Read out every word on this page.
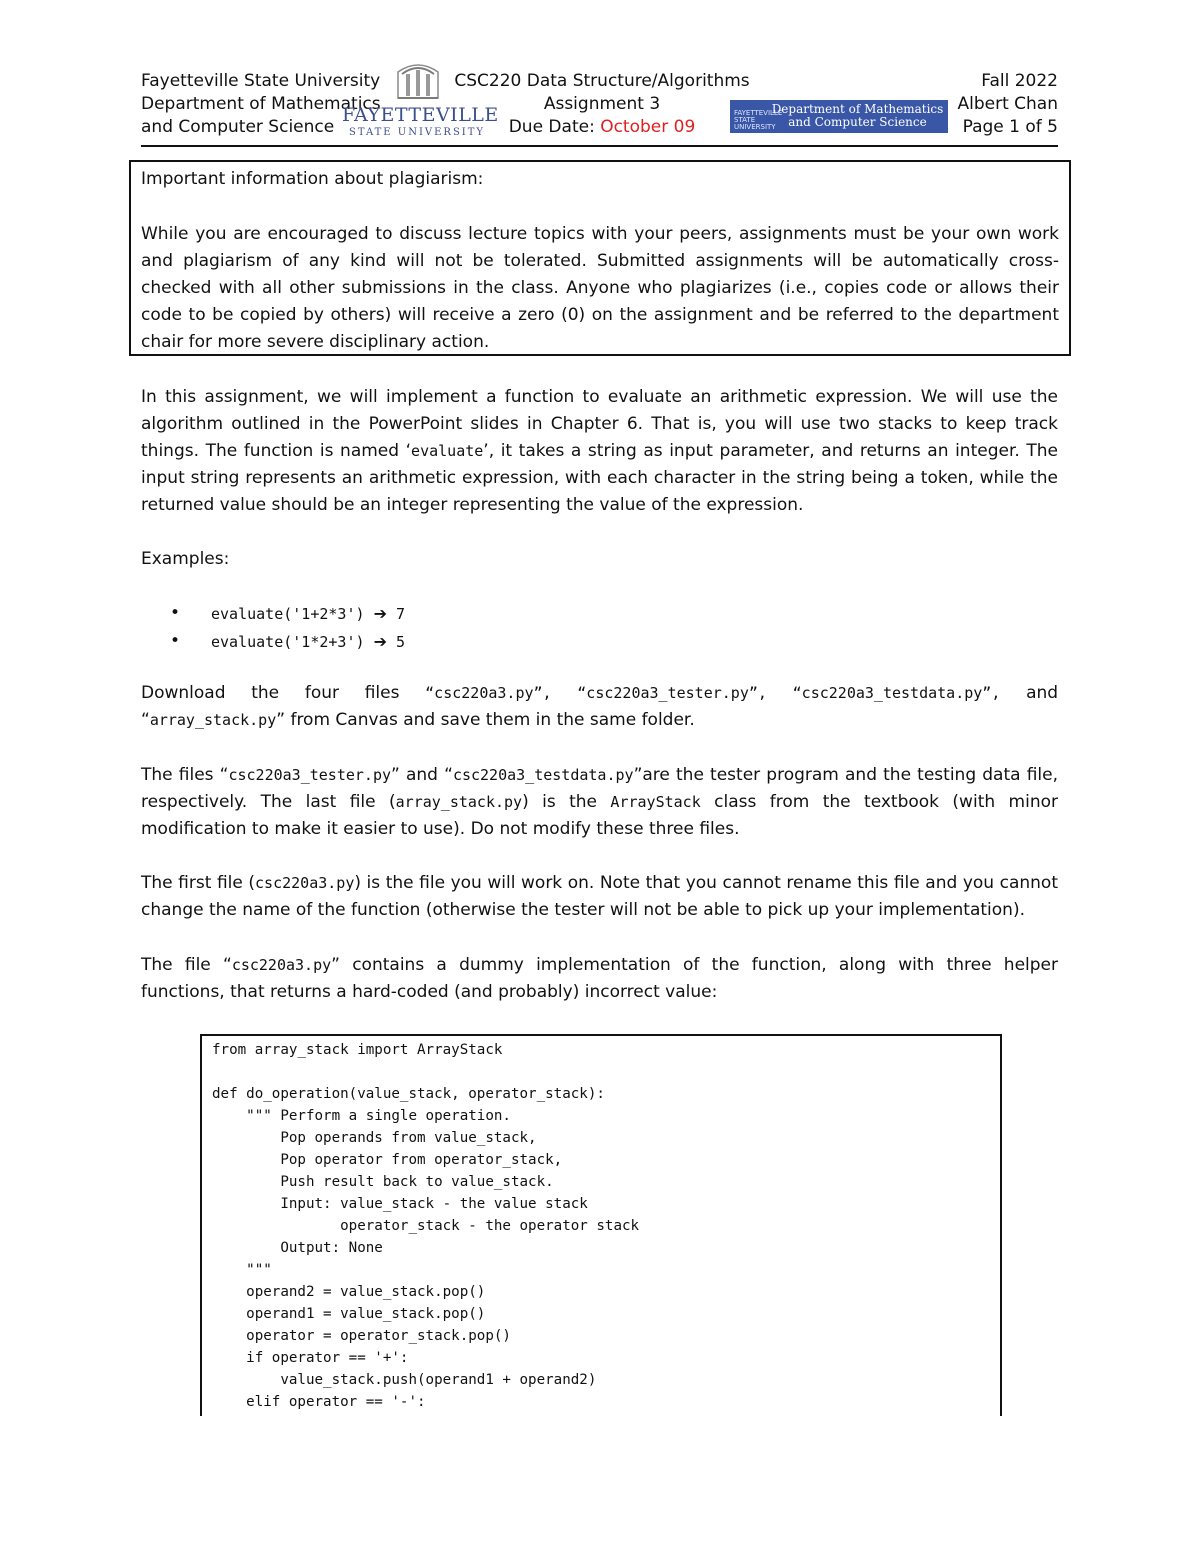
Fayetteville State University
Department of Mathematics
and Computer Science
FAYETTEVILLE
STATE UNIVERSITY
CSC220 Data Structure/Algorithms
Assignment 3
Due Date: October 09
FAYETTEVILLE STATE UNIVERSITY
Department of Mathematics
and Computer Science
Fall 2022
Albert Chan
Page 1 of 5

Important information about plagiarism:

While you are encouraged to discuss lecture topics with your peers, assignments must be your own work and plagiarism of any kind will not be tolerated. Submitted assignments will be automatically cross-checked with all other submissions in the class. Anyone who plagiarizes (i.e., copies code or allows their code to be copied by others) will receive a zero (0) on the assignment and be referred to the department chair for more severe disciplinary action.

In this assignment, we will implement a function to evaluate an arithmetic expression. We will use the algorithm outlined in the PowerPoint slides in Chapter 6. That is, you will use two stacks to keep track things. The function is named ‘evaluate’, it takes a string as input parameter, and returns an integer. The input string represents an arithmetic expression, with each character in the string being a token, while the returned value should be an integer representing the value of the expression.

Examples:

• evaluate('1+2*3') ➔ 7
• evaluate('1*2+3') ➔ 5

Download the four files “csc220a3.py”, “csc220a3_tester.py”, “csc220a3_testdata.py”, and

“array_stack.py” from Canvas and save them in the same folder.

The files “csc220a3_tester.py” and “csc220a3_testdata.py”are the tester program and the testing data file, respectively. The last file (array_stack.py) is the ArrayStack class from the textbook (with minor modification to make it easier to use). Do not modify these three files.

The first file (csc220a3.py) is the file you will work on. Note that you cannot rename this file and you cannot change the name of the function (otherwise the tester will not be able to pick up your implementation).

The file “csc220a3.py” contains a dummy implementation of the function, along with three helper functions, that returns a hard-coded (and probably) incorrect value:

from array_stack import ArrayStack

def do_operation(value_stack, operator_stack):
""" Perform a single operation.
Pop operands from value_stack,
Pop operator from operator_stack,
Push result back to value_stack.
Input: value_stack - the value stack
operator_stack - the operator stack
Output: None
"""
operand2 = value_stack.pop()
operand1 = value_stack.pop()
operator = operator_stack.pop()
if operator == '+':
value_stack.push(operand1 + operand2)
elif operator == '-':
